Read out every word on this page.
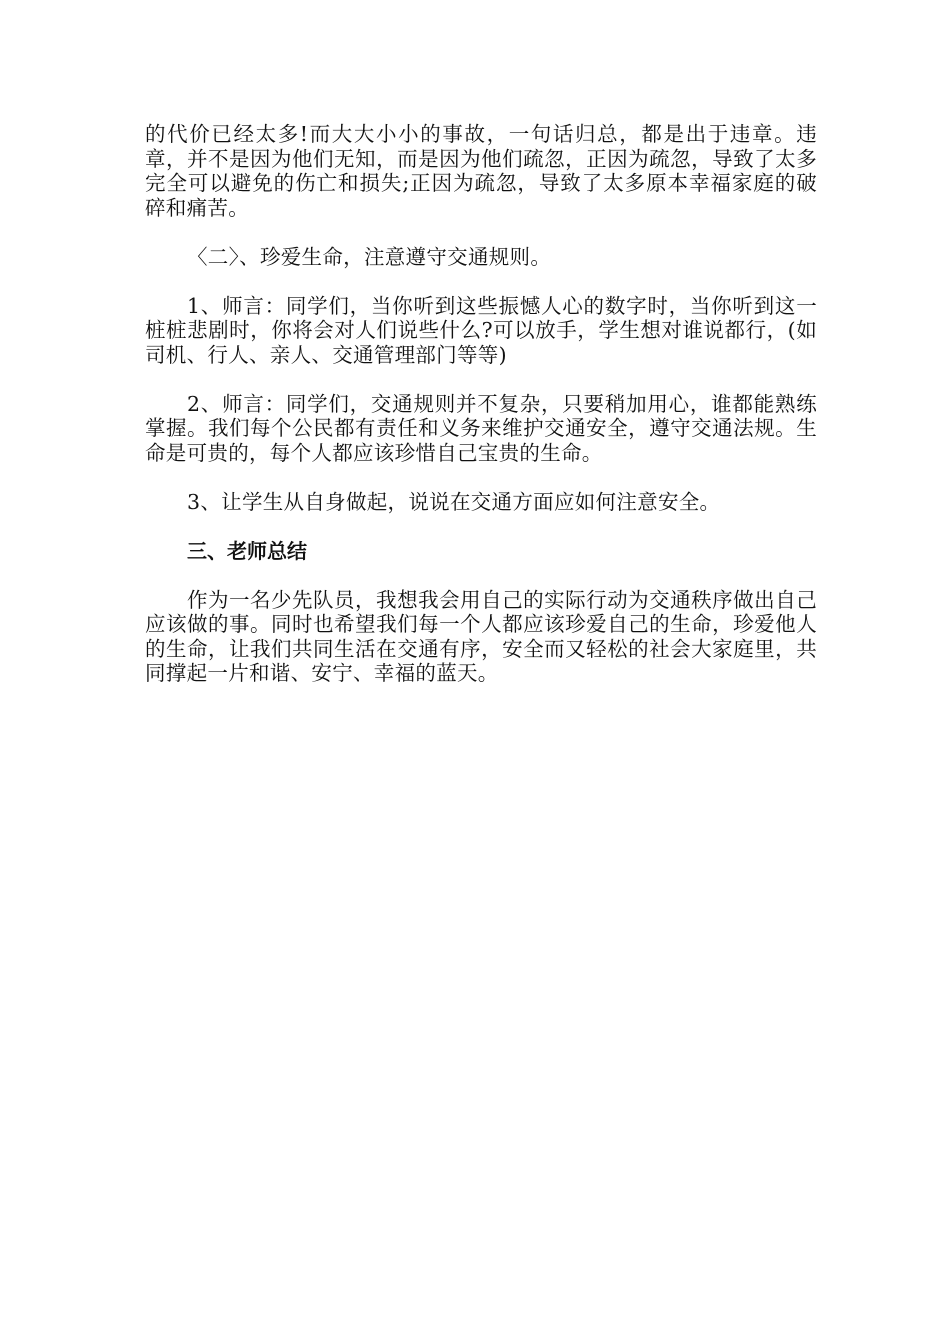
的代价已经太多!而大大小小的事故，一句话归总，都是出于违章。违章，并不是因为他们无知，而是因为他们疏忽，正因为疏忽，导致了太多完全可以避免的伤亡和损失;正因为疏忽，导致了太多原本幸福家庭的破碎和痛苦。

〈二〉、珍爱生命，注意遵守交通规则。

1、师言：同学们，当你听到这些振憾人心的数字时，当你听到这一桩桩悲剧时，你将会对人们说些什么?可以放手，学生想对谁说都行，(如司机、行人、亲人、交通管理部门等等)

2、师言：同学们，交通规则并不复杂，只要稍加用心，谁都能熟练掌握。我们每个公民都有责任和义务来维护交通安全，遵守交通法规。生命是可贵的，每个人都应该珍惜自己宝贵的生命。

3、让学生从自身做起，说说在交通方面应如何注意安全。

三、老师总结

作为一名少先队员，我想我会用自己的实际行动为交通秩序做出自己应该做的事。同时也希望我们每一个人都应该珍爱自己的生命，珍爱他人的生命，让我们共同生活在交通有序，安全而又轻松的社会大家庭里，共同撑起一片和谐、安宁、幸福的蓝天。
